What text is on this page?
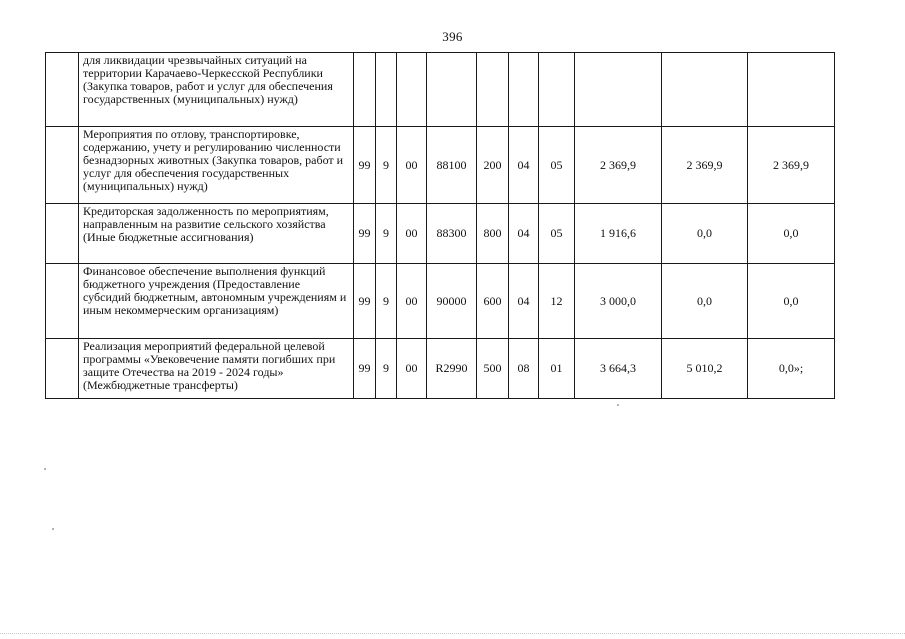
396
	для ликвидации чрезвычайных ситуаций на территории Карачаево-Черкесской Республики (Закупка товаров, работ и услуг для обеспечения государственных (муниципальных) нужд)										
	Мероприятия по отлову, транспортировке, содержанию, учету и регулированию численности безнадзорных животных (Закупка товаров, работ и услуг для обеспечения государственных (муниципальных) нужд)	99	9	00	88100	200	04	05	2 369,9	2 369,9	2 369,9
	Кредиторская задолженность по мероприятиям, направленным на развитие сельского хозяйства (Иные бюджетные ассигнования)	99	9	00	88300	800	04	05	1 916,6	0,0	0,0
	Финансовое обеспечение выполнения функций бюджетного учреждения (Предоставление субсидий бюджетным, автономным учреждениям и иным некоммерческим организациям)	99	9	00	90000	600	04	12	3 000,0	0,0	0,0
	Реализация мероприятий федеральной целевой программы «Увековечение памяти погибших при защите Отечества на 2019 - 2024 годы» (Межбюджетные трансферты)	99	9	00	R2990	500	08	01	3 664,3	5 010,2	0,0»;
